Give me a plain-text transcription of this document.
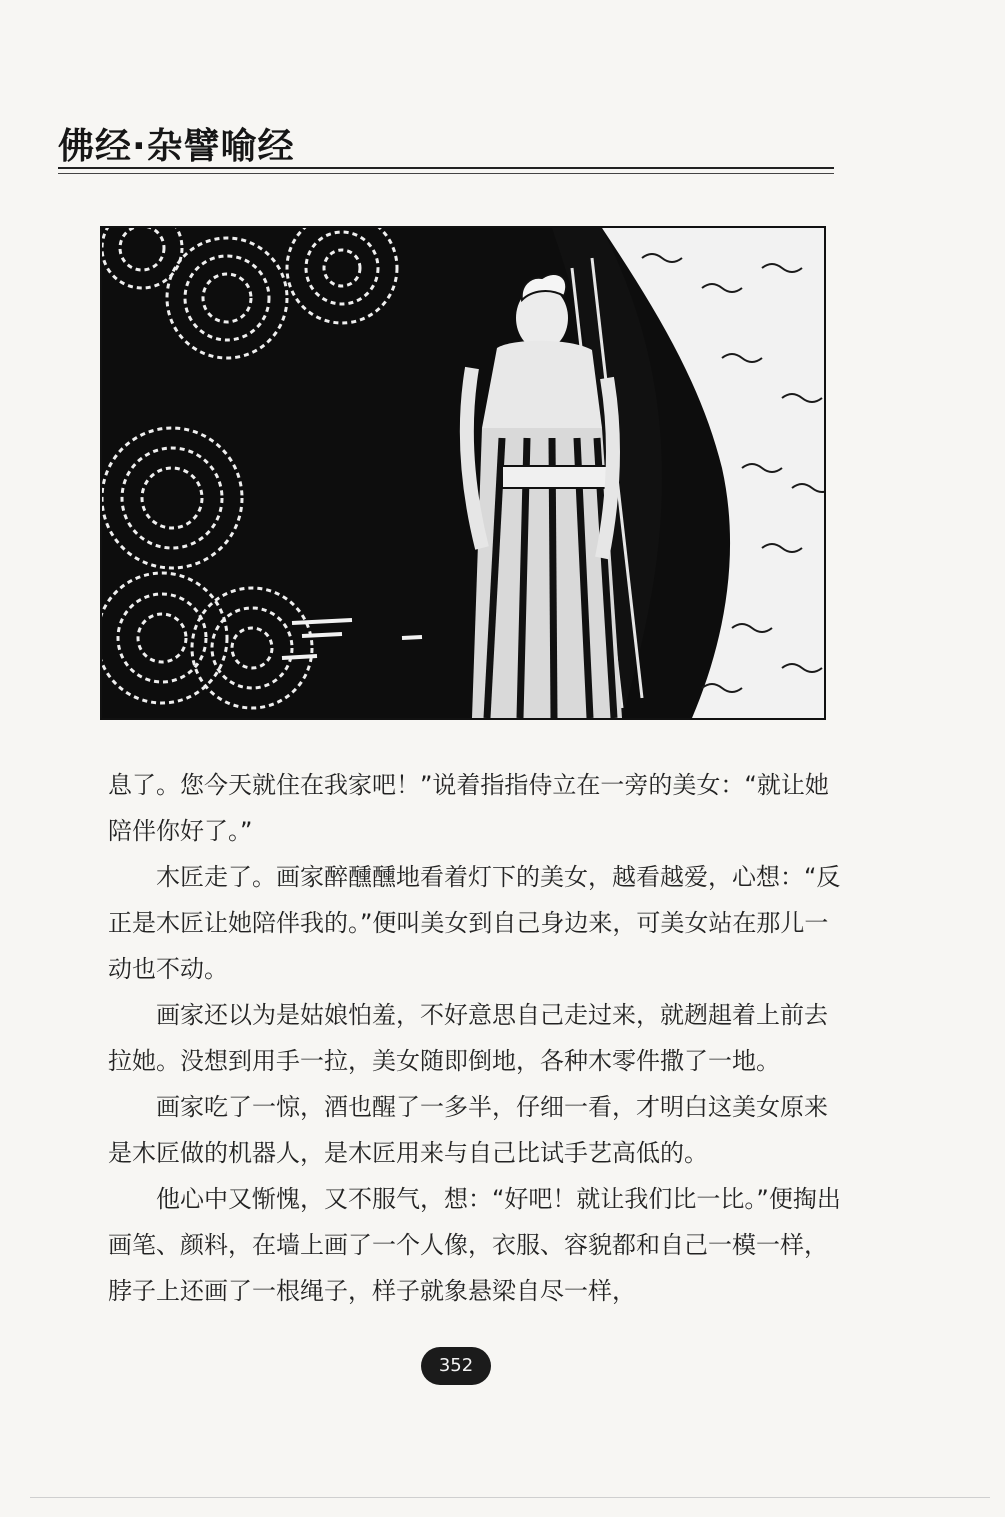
佛经·杂譬喻经

息了。您今天就住在我家吧！”说着指指侍立在一旁的美女：“就让她陪伴你好了。”

木匠走了。画家醉醺醺地看着灯下的美女，越看越爱，心想：“反正是木匠让她陪伴我的。”便叫美女到自己身边来，可美女站在那儿一动也不动。

画家还以为是姑娘怕羞，不好意思自己走过来，就趔趄着上前去拉她。没想到用手一拉，美女随即倒地，各种木零件撒了一地。

画家吃了一惊，酒也醒了一多半，仔细一看，才明白这美女原来是木匠做的机器人，是木匠用来与自己比试手艺高低的。

他心中又惭愧，又不服气，想：“好吧！就让我们比一比。”便掏出画笔、颜料，在墙上画了一个人像，衣服、容貌都和自己一模一样，脖子上还画了一根绳子，样子就象悬梁自尽一样，

352
